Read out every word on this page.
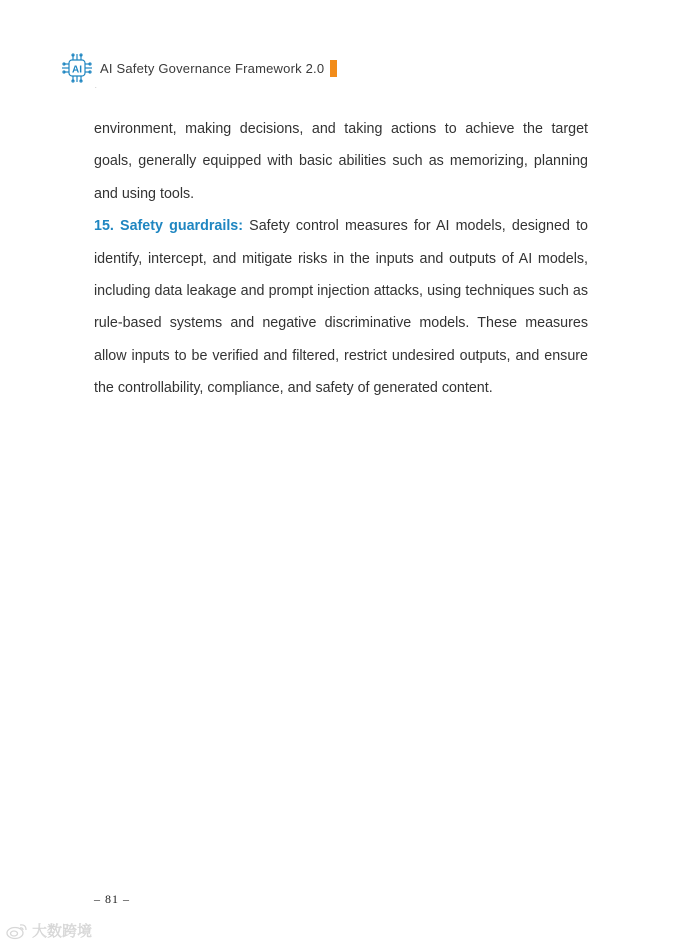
AI AI Safety Governance Framework 2.0
.

environment, making decisions, and taking actions to achieve the target goals, generally equipped with basic abilities such as memorizing, planning and using tools.

15. Safety guardrails: Safety control measures for AI models, designed to identify, intercept, and mitigate risks in the inputs and outputs of AI models, including data leakage and prompt injection attacks, using techniques such as rule-based systems and negative discriminative models. These measures allow inputs to be verified and filtered, restrict undesired outputs, and ensure the controllability, compliance, and safety of generated content.

– 81 –
大数跨境
